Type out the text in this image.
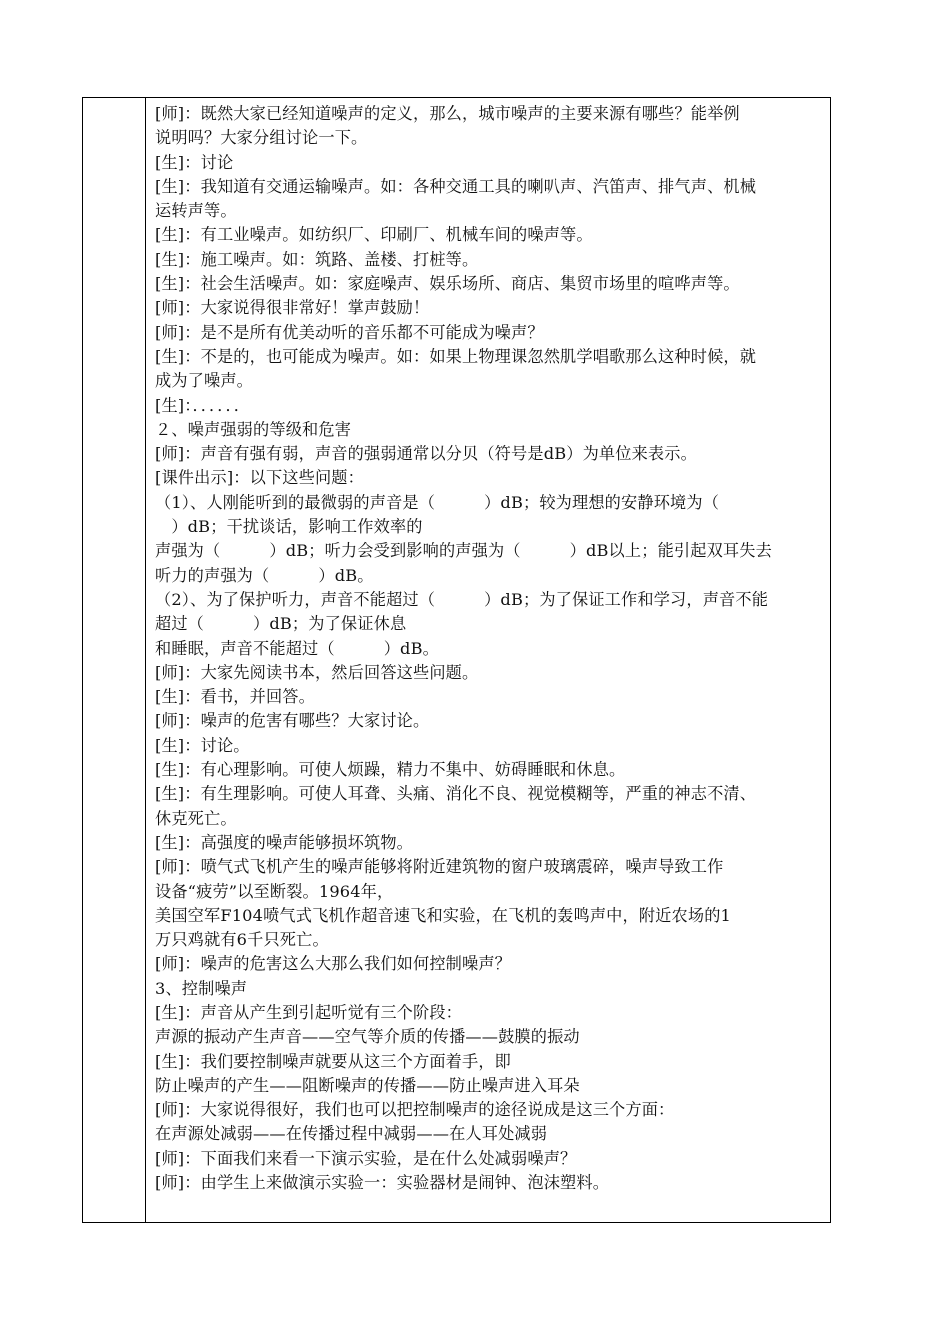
[师]：既然大家已经知道噪声的定义，那么，城市噪声的主要来源有哪些？能举例
说明吗？大家分组讨论一下。
[生]：讨论
[生]：我知道有交通运输噪声。如：各种交通工具的喇叭声、汽笛声、排气声、机械
运转声等。
[生]：有工业噪声。如纺织厂、印刷厂、机械车间的噪声等。
[生]：施工噪声。如：筑路、盖楼、打桩等。
[生]：社会生活噪声。如：家庭噪声、娱乐场所、商店、集贸市场里的喧哗声等。
[师]：大家说得很非常好！掌声鼓励！
[师]：是不是所有优美动听的音乐都不可能成为噪声？
[生]：不是的，也可能成为噪声。如：如果上物理课忽然肌学唱歌那么这种时候，就
成为了噪声。
[生]：．．．．．．
２、噪声强弱的等级和危害
[师]：声音有强有弱，声音的强弱通常以分贝（符号是dB）为单位来表示。
[课件出示]：以下这些问题：
（1）、人刚能听到的最微弱的声音是（　　　）dB；较为理想的安静环境为（
　）dB；干扰谈话，影响工作效率的
声强为（　　　）dB；听力会受到影响的声强为（　　　）dB以上；能引起双耳失去
听力的声强为（　　　）dB。
（2）、为了保护听力，声音不能超过（　　　）dB；为了保证工作和学习，声音不能
超过（　　　）dB；为了保证休息
和睡眠，声音不能超过（　　　）dB。
[师]：大家先阅读书本，然后回答这些问题。
[生]：看书，并回答。
[师]：噪声的危害有哪些？大家讨论。
[生]：讨论。
[生]：有心理影响。可使人烦躁，精力不集中、妨碍睡眠和休息。
[生]：有生理影响。可使人耳聋、头痛、消化不良、视觉模糊等，严重的神志不清、
休克死亡。
[生]：高强度的噪声能够损坏筑物。
[师]：喷气式飞机产生的噪声能够将附近建筑物的窗户玻璃震碎，噪声导致工作
设备“疲劳”以至断裂。1964年，
美国空军F104喷气式飞机作超音速飞和实验，在飞机的轰鸣声中，附近农场的1
万只鸡就有6千只死亡。
[师]：噪声的危害这么大那么我们如何控制噪声？
3、控制噪声
[生]：声音从产生到引起听觉有三个阶段：
声源的振动产生声音——空气等介质的传播——鼓膜的振动
[生]：我们要控制噪声就要从这三个方面着手，即
防止噪声的产生——阻断噪声的传播——防止噪声进入耳朵
[师]：大家说得很好，我们也可以把控制噪声的途径说成是这三个方面：
在声源处减弱——在传播过程中减弱——在人耳处减弱
[师]：下面我们来看一下演示实验，是在什么处减弱噪声？
[师]：由学生上来做演示实验一：实验器材是闹钟、泡沫塑料。
